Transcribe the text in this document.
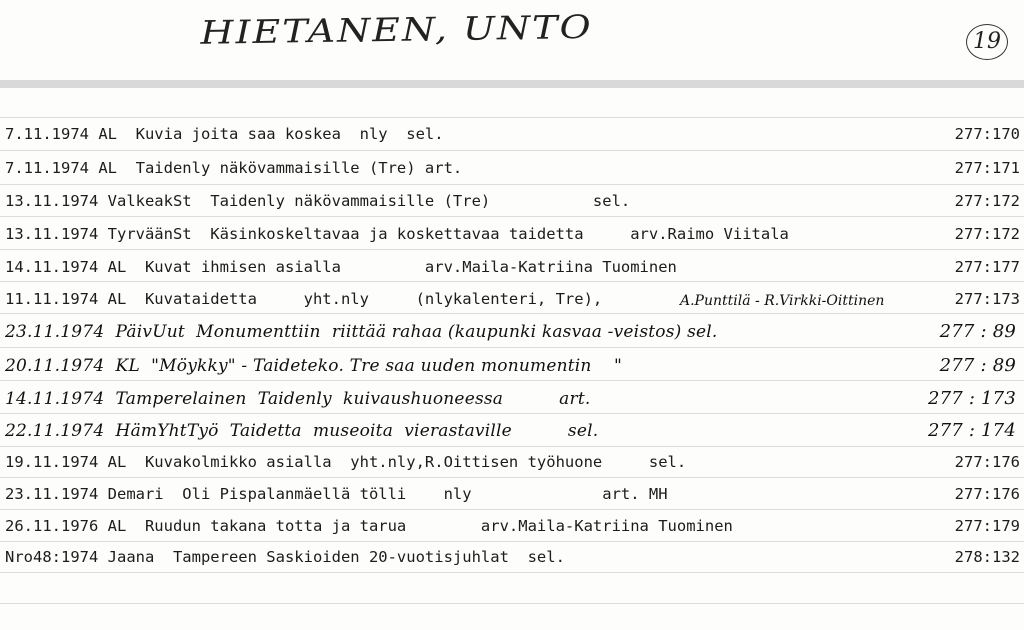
HIETANEN, UNTO	19
7.11.1974 AL  Kuvia joita saa koskea  nly  sel.	277:170
7.11.1974 AL  Taidenly näkövammaisille (Tre) art.	277:171
13.11.1974 ValkeakSt  Taidenly näkövammaisille (Tre)           sel.	277:172
13.11.1974 TyrväänSt  Käsinkoskeltavaa ja koskettavaa taidetta     arv.Raimo Viitala	277:172
14.11.1974 AL  Kuvat ihmisen asialla         arv.Maila-Katriina Tuominen	277:177
11.11.1974 AL  Kuvataidetta     yht.nly     (nlykalenteri, Tre),	A.Punttilä - R.Virkki-Oittinen	277:173
23.11.1974  PäivUut  Monumenttiin  riittää rahaa (kaupunki kasvaa -veistos) sel.	277 : 89
20.11.1974  KL  "Möykky" - Taideteko. Tre saa uuden monumentin    "	277 : 89
14.11.1974  Tamperelainen  Taidenly  kuivaushuoneessa          art.	277 : 173
22.11.1974  HämYhtTyö  Taidetta  museoita  vierastaville          sel.	277 : 174
19.11.1974 AL  Kuvakolmikko asialla  yht.nly,R.Oittisen työhuone     sel.	277:176
23.11.1974 Demari  Oli Pispalanmäellä tölli    nly              art. MH	277:176
26.11.1976 AL  Ruudun takana totta ja tarua        arv.Maila-Katriina Tuominen	277:179
Nro48:1974 Jaana  Tampereen Saskioiden 20-vuotisjuhlat  sel.	278:132
